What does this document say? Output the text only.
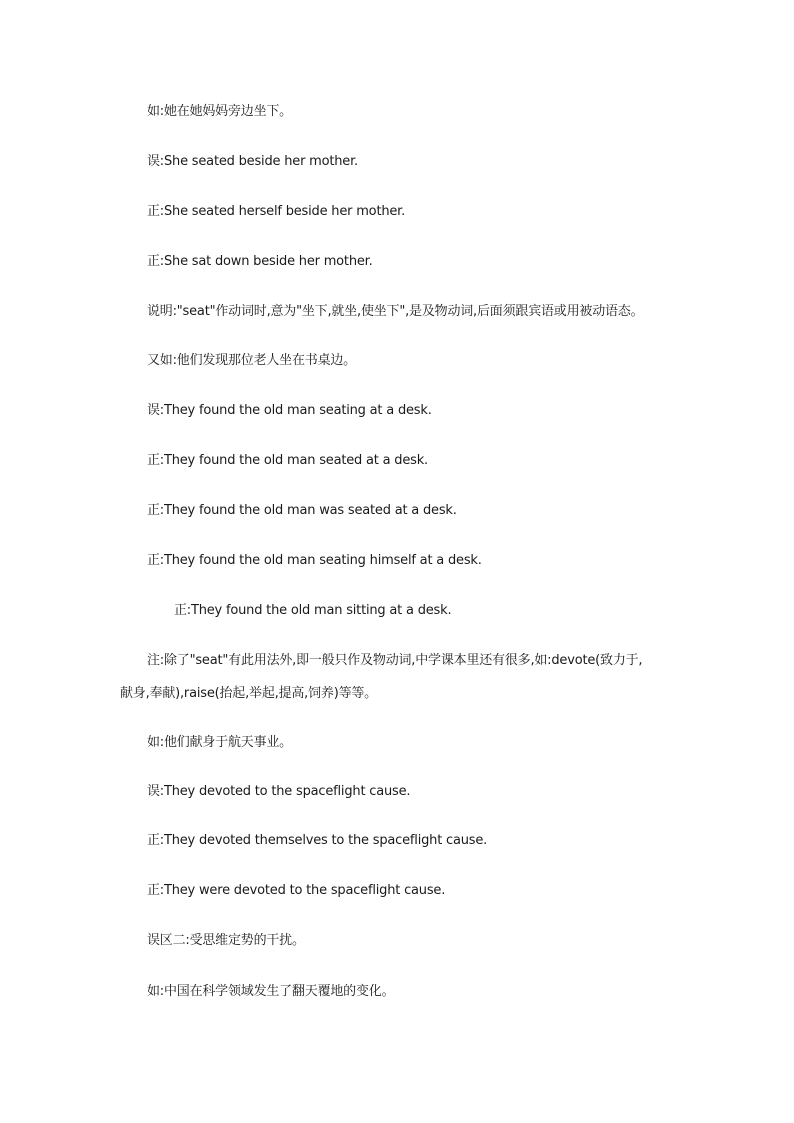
如:她在她妈妈旁边坐下。
误:She seated beside her mother.
正:She seated herself beside her mother.
正:She sat down beside her mother.
说明:"seat"作动词时,意为"坐下,就坐,使坐下",是及物动词,后面须跟宾语或用被动语态。
又如:他们发现那位老人坐在书桌边。
误:They found the old man seating at a desk.
正:They found the old man seated at a desk.
正:They found the old man was seated at a desk.
正:They found the old man seating himself at a desk.
正:They found the old man sitting at a desk.
注:除了"seat"有此用法外,即一般只作及物动词,中学课本里还有很多,如:devote(致力于,
献身,奉献),raise(抬起,举起,提高,饲养)等等。
如:他们献身于航天事业。
误:They devoted to the spaceflight cause.
正:They devoted themselves to the spaceflight cause.
正:They were devoted to the spaceflight cause.
误区二:受思维定势的干扰。
如:中国在科学领域发生了翻天覆地的变化。
